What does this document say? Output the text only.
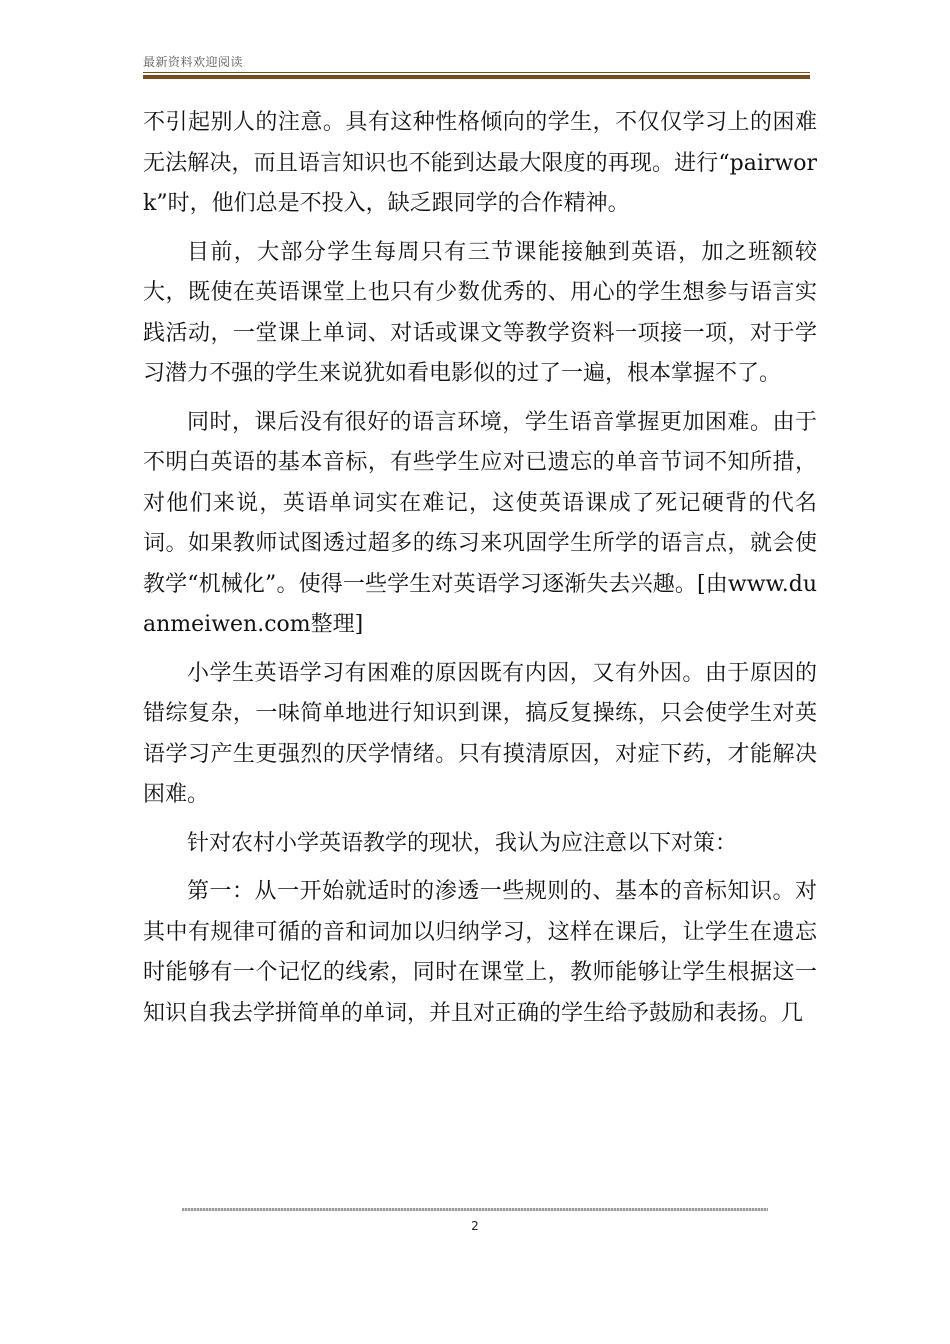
最新资料欢迎阅读

不引起别人的注意。具有这种性格倾向的学生，不仅仅学习上的困难无法解决，而且语言知识也不能到达最大限度的再现。进行“pairwork”时，他们总是不投入，缺乏跟同学的合作精神。

目前，大部分学生每周只有三节课能接触到英语，加之班额较大，既使在英语课堂上也只有少数优秀的、用心的学生想参与语言实践活动，一堂课上单词、对话或课文等教学资料一项接一项，对于学习潜力不强的学生来说犹如看电影似的过了一遍，根本掌握不了。

同时，课后没有很好的语言环境，学生语音掌握更加困难。由于不明白英语的基本音标，有些学生应对已遗忘的单音节词不知所措，对他们来说，英语单词实在难记，这使英语课成了死记硬背的代名词。如果教师试图透过超多的练习来巩固学生所学的语言点，就会使教学“机械化”。使得一些学生对英语学习逐渐失去兴趣。[由www.duanmeiwen.com整理]

小学生英语学习有困难的原因既有内因，又有外因。由于原因的错综复杂，一味简单地进行知识到课，搞反复操练，只会使学生对英语学习产生更强烈的厌学情绪。只有摸清原因，对症下药，才能解决困难。

针对农村小学英语教学的现状，我认为应注意以下对策：

第一：从一开始就适时的渗透一些规则的、基本的音标知识。对其中有规律可循的音和词加以归纳学习，这样在课后，让学生在遗忘时能够有一个记忆的线索，同时在课堂上，教师能够让学生根据这一知识自我去学拼简单的单词，并且对正确的学生给予鼓励和表扬。几

2
